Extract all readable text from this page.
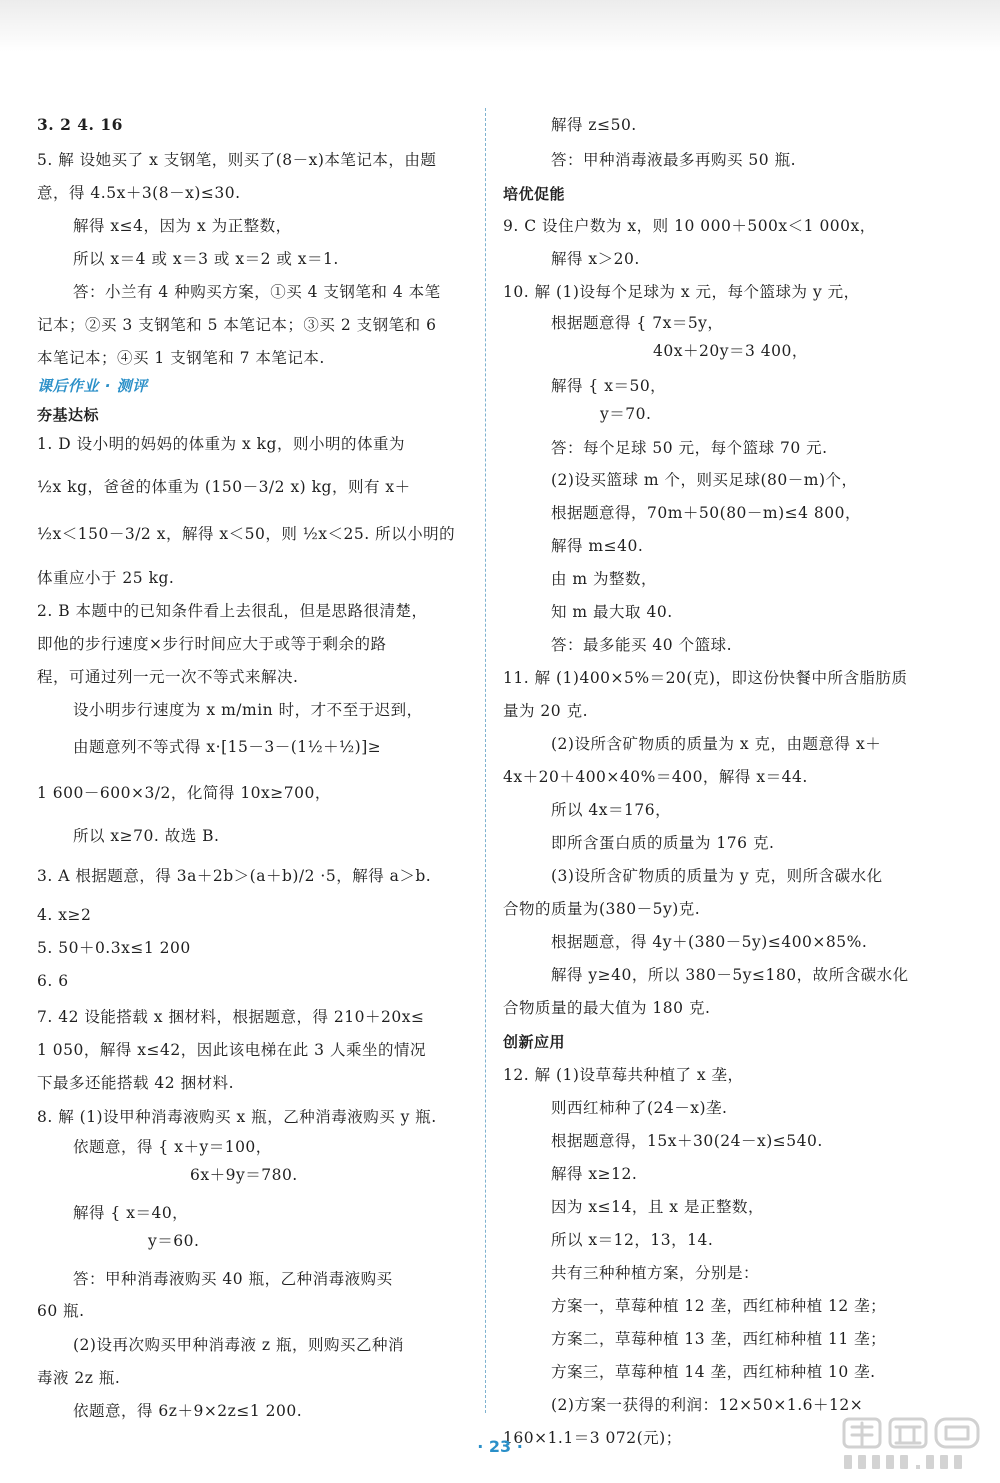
3. 2 4. 16
5. 解 设她买了 x 支钢笔，则买了(8－x)本笔记本，由题
意，得 4.5x＋3(8－x)≤30.
解得 x≤4，因为 x 为正整数，
所以 x＝4 或 x＝3 或 x＝2 或 x＝1.
答：小兰有 4 种购买方案，①买 4 支钢笔和 4 本笔
记本；②买 3 支钢笔和 5 本笔记本；③买 2 支钢笔和 6
本笔记本；④买 1 支钢笔和 7 本笔记本.
课后作业 · 测评
夯基达标
1. D 设小明的妈妈的体重为 x kg，则小明的体重为
½x kg，爸爸的体重为 (150－3/2 x) kg，则有 x＋
½x＜150－3/2 x，解得 x＜50，则 ½x＜25. 所以小明的
体重应小于 25 kg.
2. B 本题中的已知条件看上去很乱，但是思路很清楚，
即他的步行速度×步行时间应大于或等于剩余的路
程，可通过列一元一次不等式来解决.
设小明步行速度为 x m/min 时，才不至于迟到，
由题意列不等式得 x·[15－3－(1½＋½)]≥
1 600－600×3/2，化简得 10x≥700，
所以 x≥70. 故选 B.
3. A 根据题意，得 3a＋2b＞(a＋b)/2 ·5，解得 a＞b.
4. x≥2
5. 50＋0.3x≤1 200
6. 6
7. 42 设能搭载 x 捆材料，根据题意，得 210＋20x≤
1 050，解得 x≤42，因此该电梯在此 3 人乘坐的情况
下最多还能搭载 42 捆材料.
8. 解 (1)设甲种消毒液购买 x 瓶，乙种消毒液购买 y 瓶.
依题意，得 { x＋y＝100，
6x＋9y＝780.
解得 { x＝40，
y＝60.
答：甲种消毒液购买 40 瓶，乙种消毒液购买
60 瓶.
(2)设再次购买甲种消毒液 z 瓶，则购买乙种消
毒液 2z 瓶.
依题意，得 6z＋9×2z≤1 200.
解得 z≤50.
答：甲种消毒液最多再购买 50 瓶.
培优促能
9. C 设住户数为 x，则 10 000＋500x＜1 000x，
解得 x＞20.
10. 解 (1)设每个足球为 x 元，每个篮球为 y 元，
根据题意得 { 7x＝5y，
40x＋20y＝3 400，
解得 { x＝50，
y＝70.
答：每个足球 50 元，每个篮球 70 元.
(2)设买篮球 m 个，则买足球(80－m)个，
根据题意得，70m＋50(80－m)≤4 800，
解得 m≤40.
由 m 为整数，
知 m 最大取 40.
答：最多能买 40 个篮球.
11. 解 (1)400×5%＝20(克)，即这份快餐中所含脂肪质
量为 20 克.
(2)设所含矿物质的质量为 x 克，由题意得 x＋
4x＋20＋400×40%＝400，解得 x＝44.
所以 4x＝176，
即所含蛋白质的质量为 176 克.
(3)设所含矿物质的质量为 y 克，则所含碳水化
合物的质量为(380－5y)克.
根据题意，得 4y＋(380－5y)≤400×85%.
解得 y≥40，所以 380－5y≤180，故所含碳水化
合物质量的最大值为 180 克.
创新应用
12. 解 (1)设草莓共种植了 x 垄，
则西红柿种了(24－x)垄.
根据题意得，15x＋30(24－x)≤540.
解得 x≥12.
因为 x≤14，且 x 是正整数，
所以 x＝12，13，14.
共有三种种植方案，分别是：
方案一，草莓种植 12 垄，西红柿种植 12 垄；
方案二，草莓种植 13 垄，西红柿种植 11 垄；
方案三，草莓种植 14 垄，西红柿种植 10 垄.
(2)方案一获得的利润：12×50×1.6＋12×
160×1.1＝3 072(元)；
· 23 ·
